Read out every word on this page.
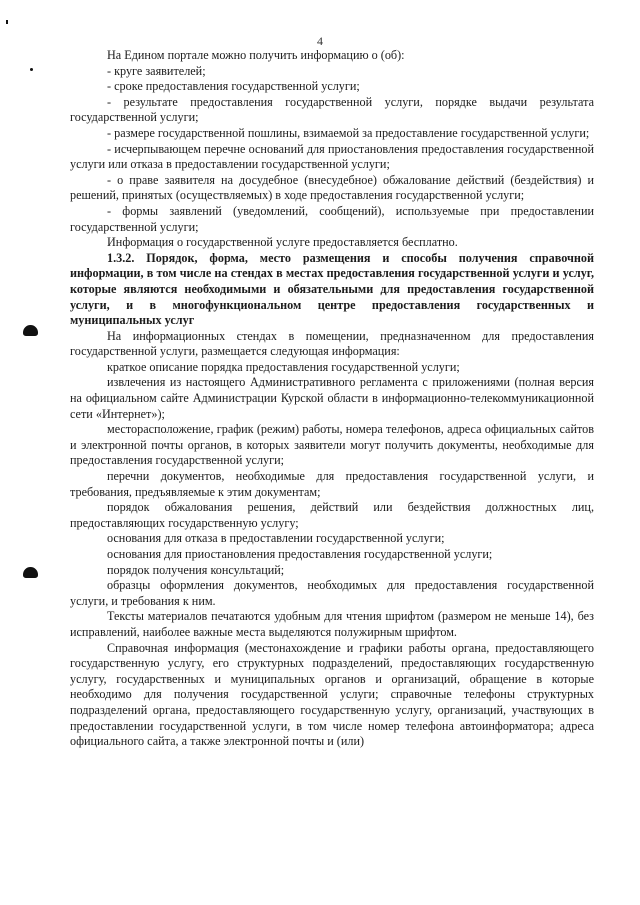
4

На Едином портале можно получить информацию о (об):

- круге заявителей;

- сроке предоставления государственной услуги;

- результате предоставления государственной услуги, порядке выдачи результата государственной услуги;

- размере государственной пошлины, взимаемой за предоставление государственной услуги;

- исчерпывающем перечне оснований для приостановления предоставления государственной услуги или отказа в предоставлении государственной услуги;

- о праве заявителя на досудебное (внесудебное) обжалование действий (бездействия) и решений, принятых (осуществляемых) в ходе предоставления государственной услуги;

- формы заявлений (уведомлений, сообщений), используемые при предоставлении государственной услуги;

Информация о государственной услуге предоставляется бесплатно.

1.3.2. Порядок, форма, место размещения и способы получения справочной информации, в том числе на стендах в местах предоставления государственной услуги и услуг, которые являются необходимыми и обязательными для предоставления государственной услуги, и в многофункциональном центре предоставления государственных и муниципальных услуг

На информационных стендах в помещении, предназначенном для предоставления государственной услуги, размещается следующая информация:

краткое описание порядка предоставления государственной услуги;

извлечения из настоящего Административного регламента с приложениями (полная версия на официальном сайте Администрации Курской области в информационно-телекоммуникационной сети «Интернет»);

месторасположение, график (режим) работы, номера телефонов, адреса официальных сайтов и электронной почты органов, в которых заявители могут получить документы, необходимые для предоставления государственной услуги;

перечни документов, необходимые для предоставления государственной услуги, и требования, предъявляемые к этим документам;

порядок обжалования решения, действий или бездействия должностных лиц, предоставляющих государственную услугу;

основания для отказа в предоставлении государственной услуги;

основания для приостановления предоставления государственной услуги;

порядок получения консультаций;

образцы оформления документов, необходимых для предоставления государственной услуги, и требования к ним.

Тексты материалов печатаются удобным для чтения шрифтом (размером не меньше 14), без исправлений, наиболее важные места выделяются полужирным шрифтом.

Справочная информация (местонахождение и графики работы органа, предоставляющего государственную услугу, его структурных подразделений, предоставляющих государственную услугу, государственных и муниципальных органов и организаций, обращение в которые необходимо для получения государственной услуги; справочные телефоны структурных подразделений органа, предоставляющего государственную услугу, организаций, участвующих в предоставлении государственной услуги, в том числе номер телефона автоинформатора; адреса официального сайта, а также электронной почты и (или)
